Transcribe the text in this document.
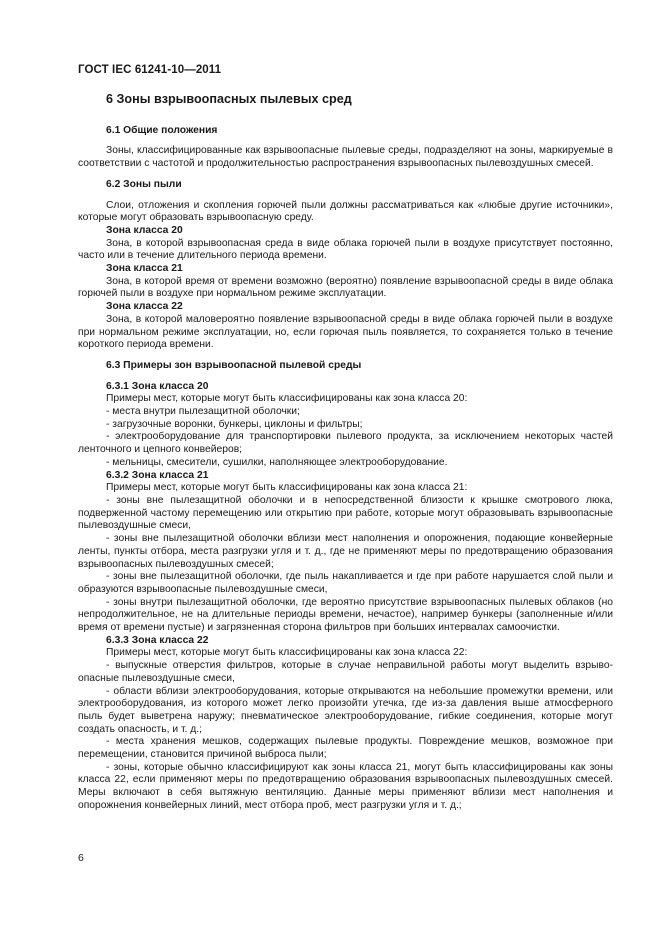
ГОСТ IEC 61241-10—2011

6 Зоны взрывоопасных пылевых сред

6.1 Общие положения

Зоны, классифицированные как взрывоопасные пылевые среды, подразделяют на зоны, маркируемые в соответствии с частотой и продолжительностью распространения взрывоопасных пылевоздушных смесей.

6.2 Зоны пыли

Слои, отложения и скопления горючей пыли должны рассматриваться как «любые другие источники», которые могут образовать взрывоопасную среду.

Зона класса 20

Зона, в которой взрывоопасная среда в виде облака горючей пыли в воздухе присутствует постоянно, часто или в течение длительного периода времени.

Зона класса 21

Зона, в которой время от времени возможно (вероятно) появление взрывоопасной среды в виде облака горючей пыли в воздухе при нормальном режиме эксплуатации.

Зона класса 22

Зона, в которой маловероятно появление взрывоопасной среды в виде облака горючей пыли в воздухе при нормальном режиме эксплуатации, но, если горючая пыль появляется, то сохраняется только в течение короткого периода времени.

6.3 Примеры зон взрывоопасной пылевой среды

6.3.1 Зона класса 20

Примеры мест, которые могут быть классифицированы как зона класса 20:

- места внутри пылезащитной оболочки;

- загрузочные воронки, бункеры, циклоны и фильтры;

- электрооборудование для транспортировки пылевого продукта, за исключением некоторых частей ленточного и цепного конвейеров;

- мельницы, смесители, сушилки, наполняющее электрооборудование.

6.3.2 Зона класса 21

Примеры мест, которые могут быть классифицированы как зона класса 21:

- зоны вне пылезащитной оболочки и в непосредственной близости к крышке смотрового люка, подверженной частому перемещению или открытию при работе, которые могут образовывать взрывоопасные пылевоздушные смеси,

- зоны вне пылезащитной оболочки вблизи мест наполнения и опорожнения, подающие конвейерные ленты, пункты отбора, места разгрузки угля и т. д., где не применяют меры по предотвращению образования взрывоопасных пылевоздушных смесей;

- зоны вне пылезащитной оболочки, где пыль накапливается и где при работе нарушается слой пыли и образуются взрывоопасные пылевоздушные смеси,

- зоны внутри пылезащитной оболочки, где вероятно присутствие взрывоопасных пылевых облаков (но непродолжительное, не на длительные периоды времени, нечастое), например бункеры (заполненные и/или время от времени пустые) и загрязненная сторона фильтров при больших интервалах самоочистки.

6.3.3 Зона класса 22

Примеры мест, которые могут быть классифицированы как зона класса 22:

- выпускные отверстия фильтров, которые в случае неправильной работы могут выделить взрывоопасные пылевоздушные смеси,

- области вблизи электрооборудования, которые открываются на небольшие промежутки времени, или электрооборудования, из которого может легко произойти утечка, где из-за давления выше атмосферного пыль будет выветрена наружу; пневматическое электрооборудование, гибкие соединения, которые могут создать опасность, и т. д.;

- места хранения мешков, содержащих пылевые продукты. Повреждение мешков, возможное при перемещении, становится причиной выброса пыли;

- зоны, которые обычно классифицируют как зоны класса 21, могут быть классифицированы как зоны класса 22, если применяют меры по предотвращению образования взрывоопасных пылевоздушных смесей. Меры включают в себя вытяжную вентиляцию. Данные меры применяют вблизи мест наполнения и опорожнения конвейерных линий, мест отбора проб, мест разгрузки угля и т. д.;

6
